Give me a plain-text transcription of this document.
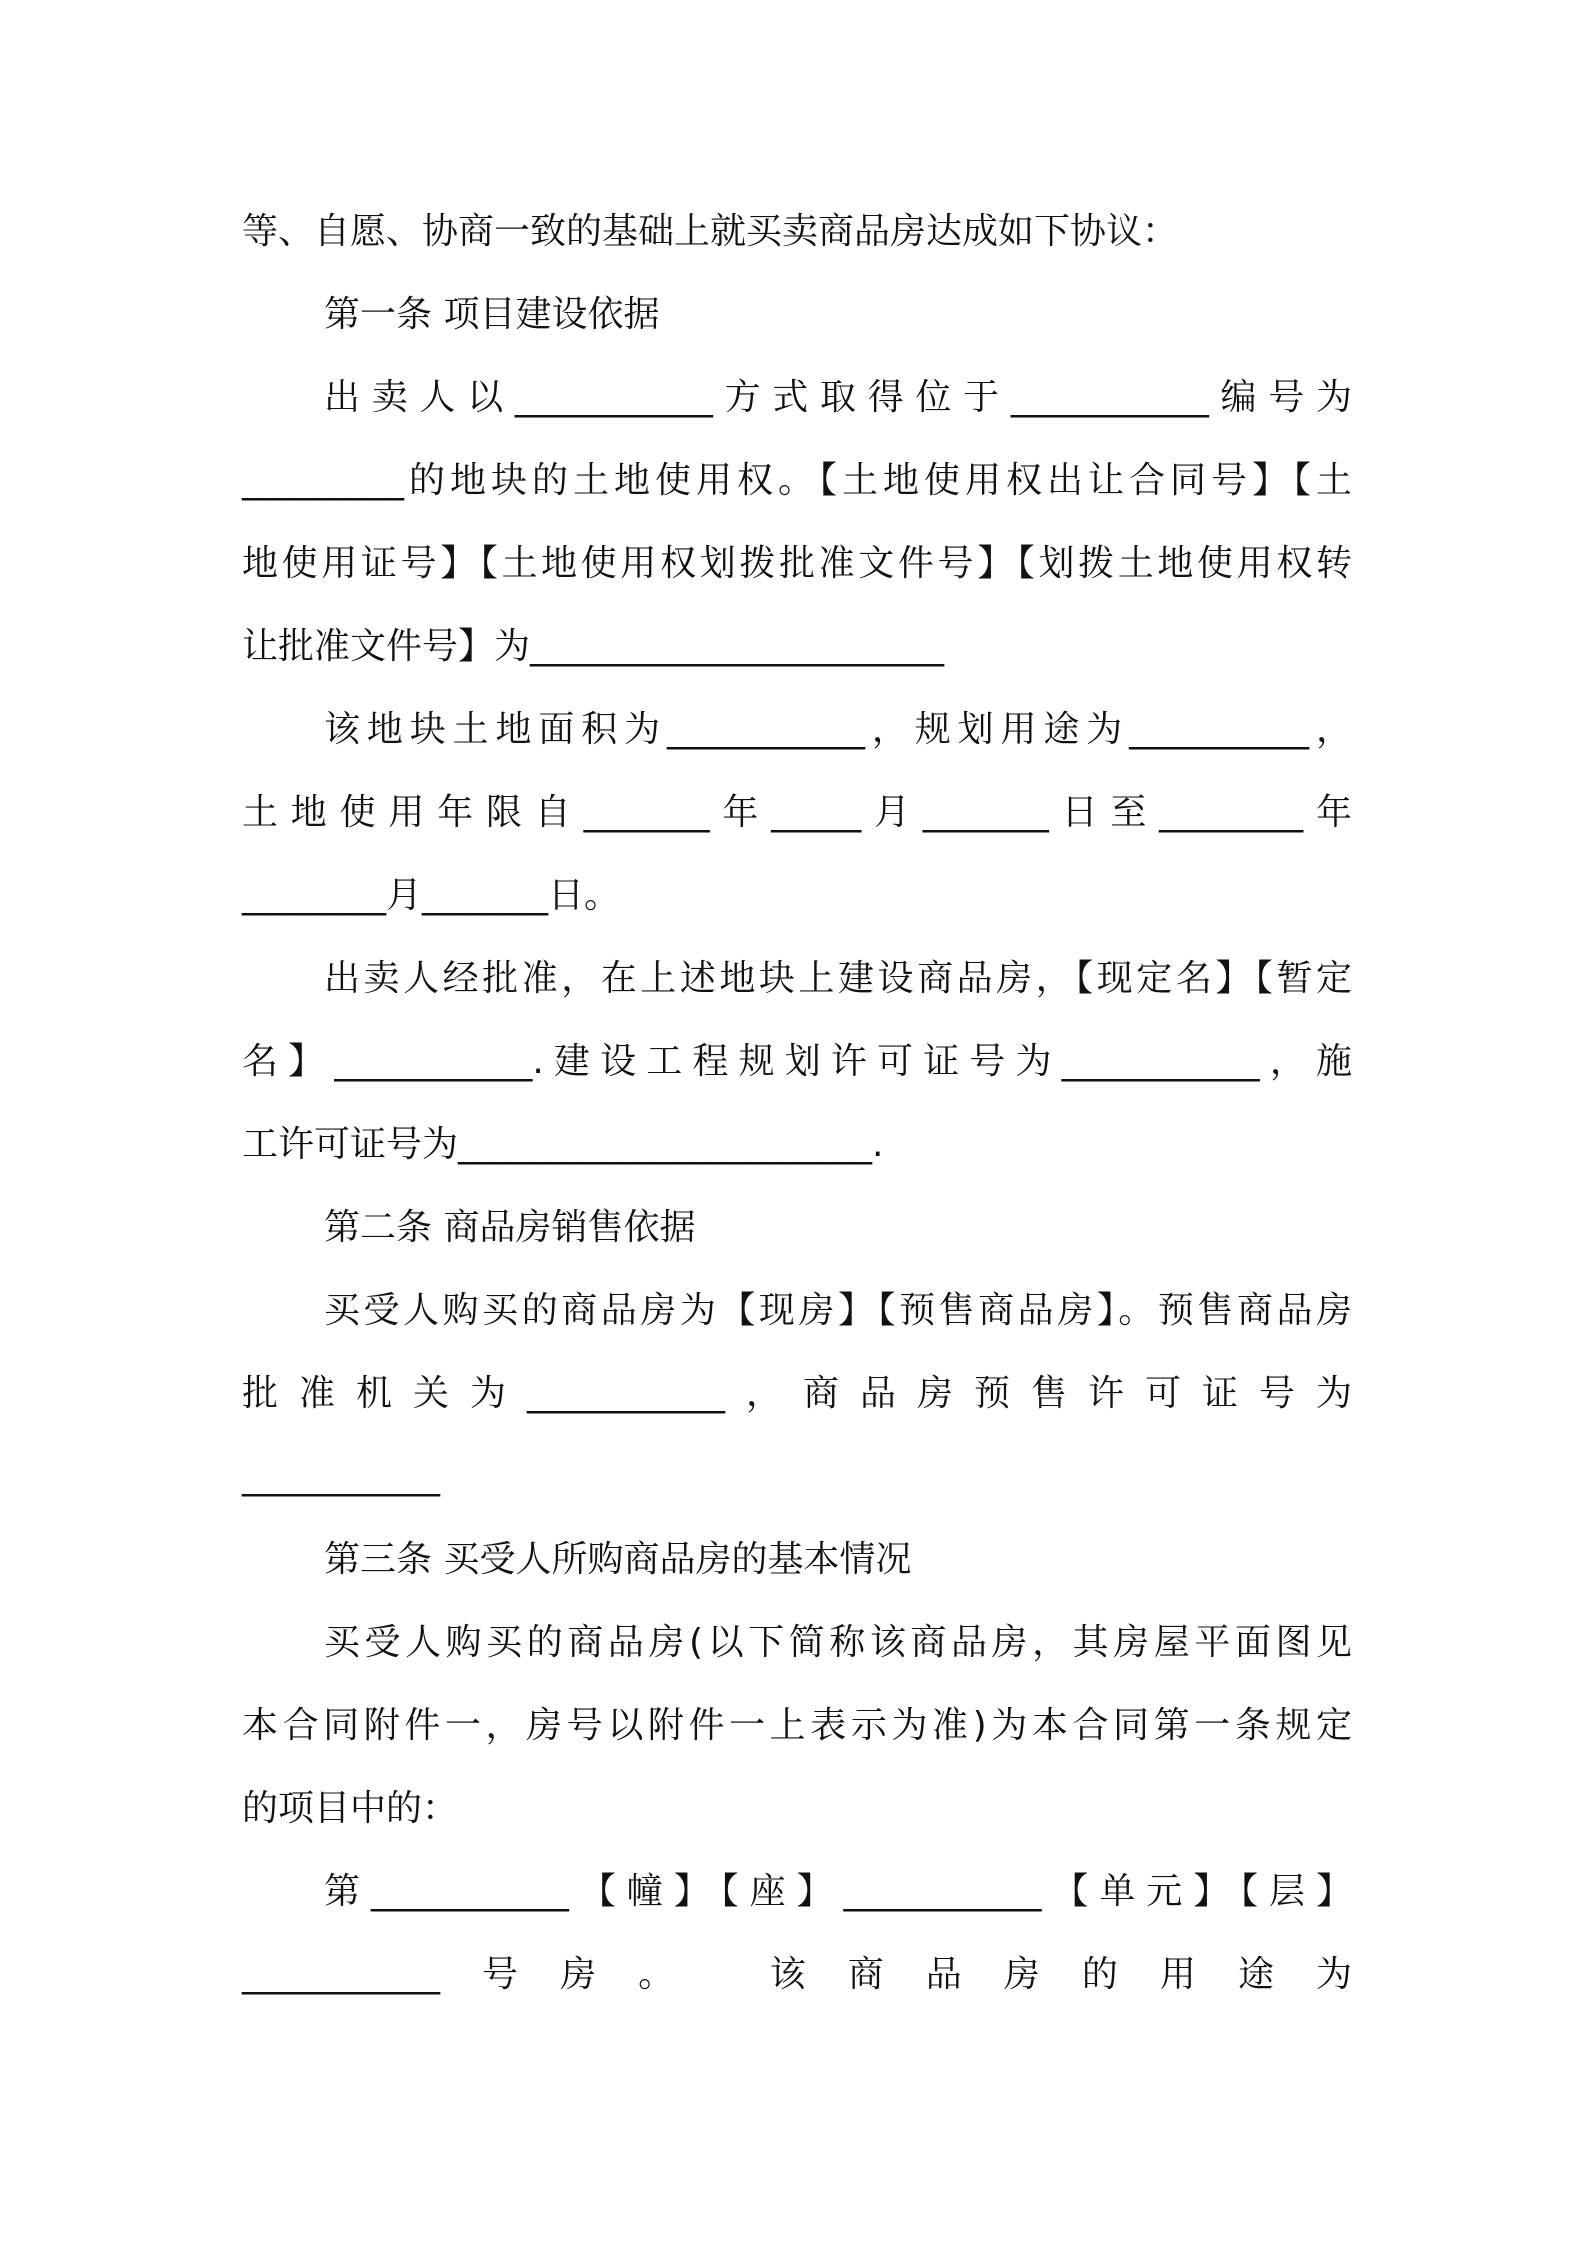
等、自愿、协商一致的基础上就买卖商品房达成如下协议：
第一条 项目建设依据
出卖人以___________方式取得位于___________编号为
_________的地块的土地使用权。【土地使用权出让合同号】【土
地使用证号】【土地使用权划拨批准文件号】【划拨土地使用权转
让批准文件号】为_______________________
该地块土地面积为___________，规划用途为__________，
土地使用年限自_______年_____月_______日至________年
________月_______日。
出卖人经批准，在上述地块上建设商品房，【现定名】【暂定
名】___________.建设工程规划许可证号为___________，施
工许可证号为_______________________.
第二条 商品房销售依据
买受人购买的商品房为【现房】【预售商品房】。预售商品房
批准机关为___________，商品房预售许可证号为
___________
第三条 买受人所购商品房的基本情况
买受人购买的商品房(以下简称该商品房，其房屋平面图见
本合同附件一，房号以附件一上表示为准)为本合同第一条规定
的项目中的：
第___________【幢】【座】___________【单元】【层】
___________号房。 该商品房的用途为
